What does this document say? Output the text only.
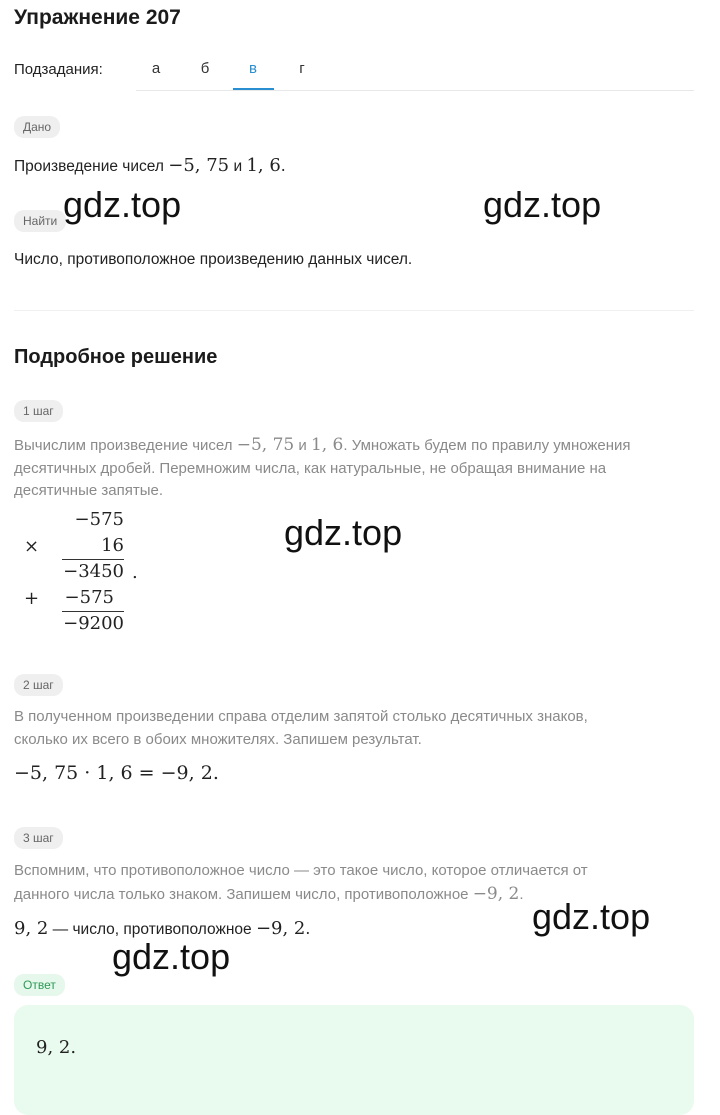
Упражнение 207
Подзадания:	а	б	в	г
Дано
Произведение чисел −5, 75 и 1, 6.
Найти
Число, противоположное произведению данных чисел.
Подробное решение
1 шаг
Вычислим произведение чисел −5, 75 и 1, 6. Умножать будем по правилу умножения
десятичных дробей. Перемножим числа, как натуральные, не обращая внимание на
десятичные запятые.
−575
×	16
−3450 .
+ −575
−9200
2 шаг
В полученном произведении справа отделим запятой столько десятичных знаков,
сколько их всего в обоих множителях. Запишем результат.
−5, 75 · 1, 6 = −9, 2.
3 шаг
Вспомним, что противоположное число — это такое число, которое отличается от
данного числа только знаком. Запишем число, противоположное −9, 2.
9, 2 — число, противоположное −9, 2.
Ответ
9, 2.
gdz.top	gdz.top
gdz.top
gdz.top
gdz.top
